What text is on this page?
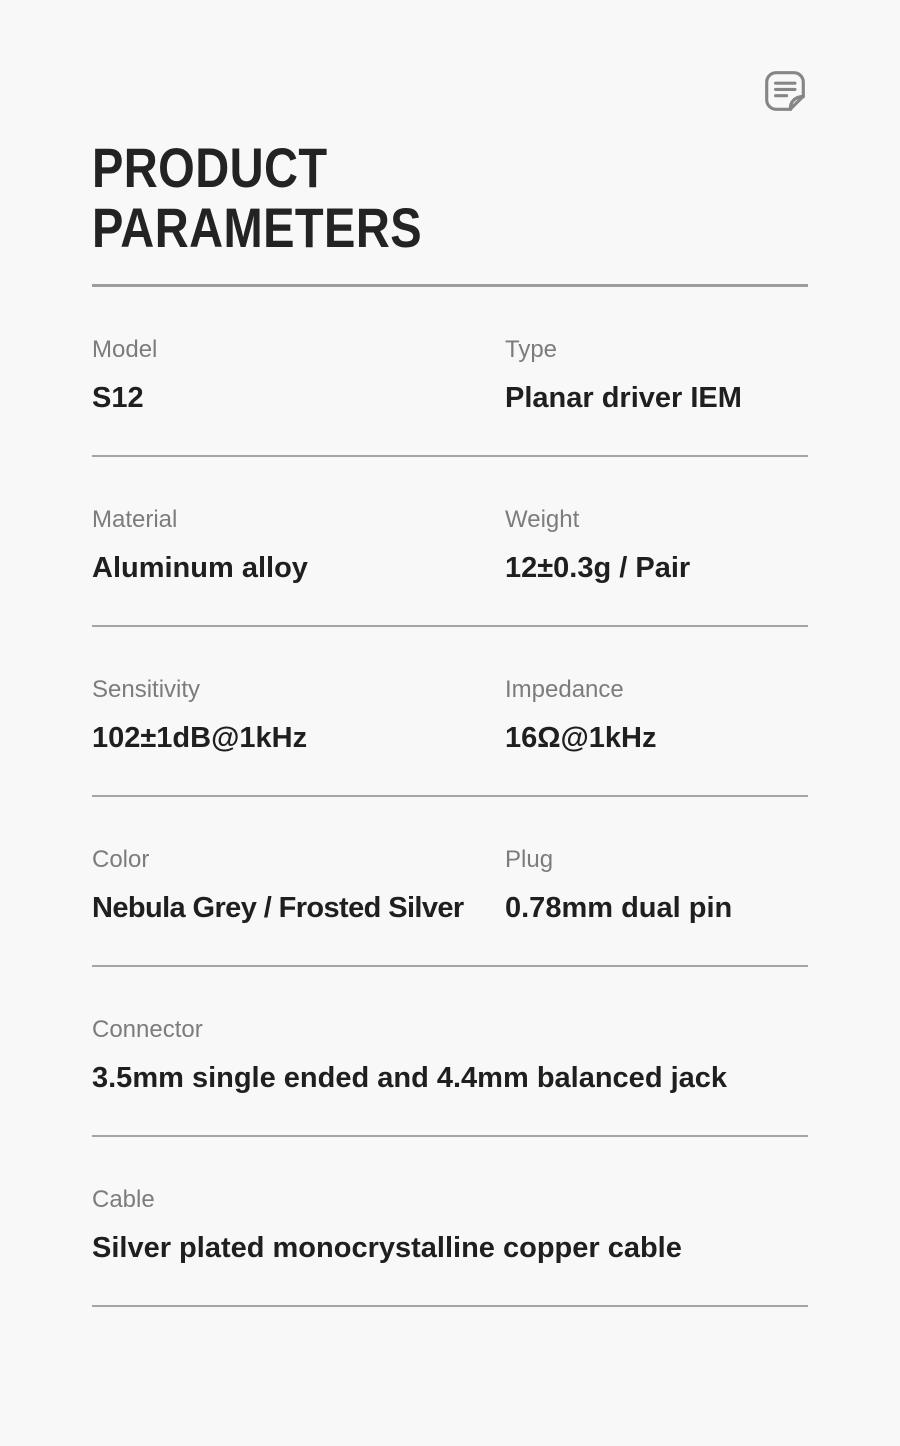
PRODUCT
PARAMETERS
Model
S12
Type
Planar driver IEM
Material
Aluminum alloy
Weight
12±0.3g / Pair
Sensitivity
102±1dB@1kHz
Impedance
16Ω@1kHz
Color
Nebula Grey / Frosted Silver
Plug
0.78mm dual pin
Connector
3.5mm single ended and 4.4mm balanced jack
Cable
Silver plated monocrystalline copper cable
